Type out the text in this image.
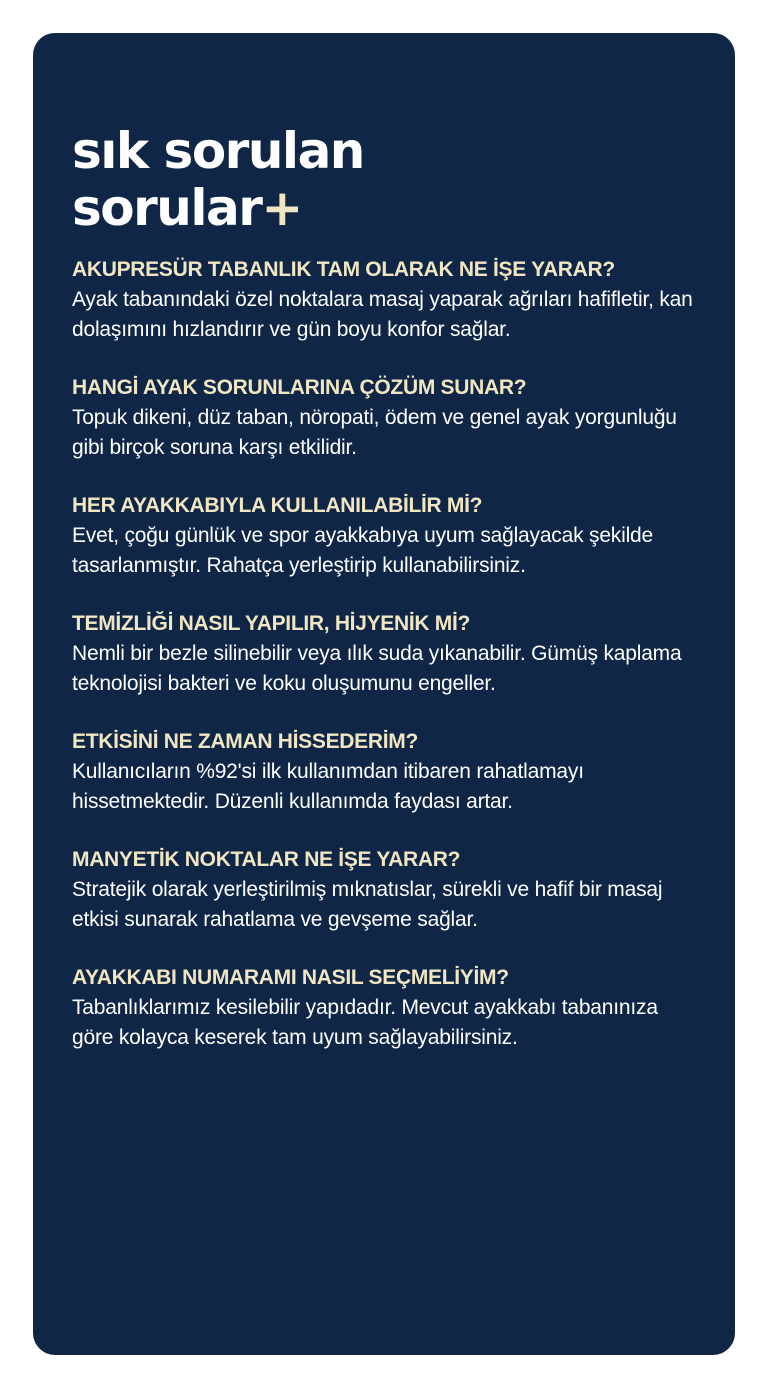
sık sorulan
sorular+

AKUPRESÜR TABANLIK TAM OLARAK NE İŞE YARAR?

Ayak tabanındaki özel noktalara masaj yaparak ağrıları hafifletir, kan dolaşımını hızlandırır ve gün boyu konfor sağlar.

HANGİ AYAK SORUNLARINA ÇÖZÜM SUNAR?

Topuk dikeni, düz taban, nöropati, ödem ve genel ayak yorgunluğu gibi birçok soruna karşı etkilidir.

HER AYAKKABIYLA KULLANILABİLİR Mİ?

Evet, çoğu günlük ve spor ayakkabıya uyum sağlayacak şekilde tasarlanmıştır. Rahatça yerleştirip kullanabilirsiniz.

TEMİZLİĞİ NASIL YAPILIR, HİJYENİK Mİ?

Nemli bir bezle silinebilir veya ılık suda yıkanabilir. Gümüş kaplama teknolojisi bakteri ve koku oluşumunu engeller.

ETKİSİNİ NE ZAMAN HİSSEDERİM?

Kullanıcıların %92'si ilk kullanımdan itibaren rahatlamayı hissetmektedir. Düzenli kullanımda faydası artar.

MANYETİK NOKTALAR NE İŞE YARAR?

Stratejik olarak yerleştirilmiş mıknatıslar, sürekli ve hafif bir masaj etkisi sunarak rahatlama ve gevşeme sağlar.

AYAKKABI NUMARAMI NASIL SEÇMELİYİM?

Tabanlıklarımız kesilebilir yapıdadır. Mevcut ayakkabı tabanınıza göre kolayca keserek tam uyum sağlayabilirsiniz.
